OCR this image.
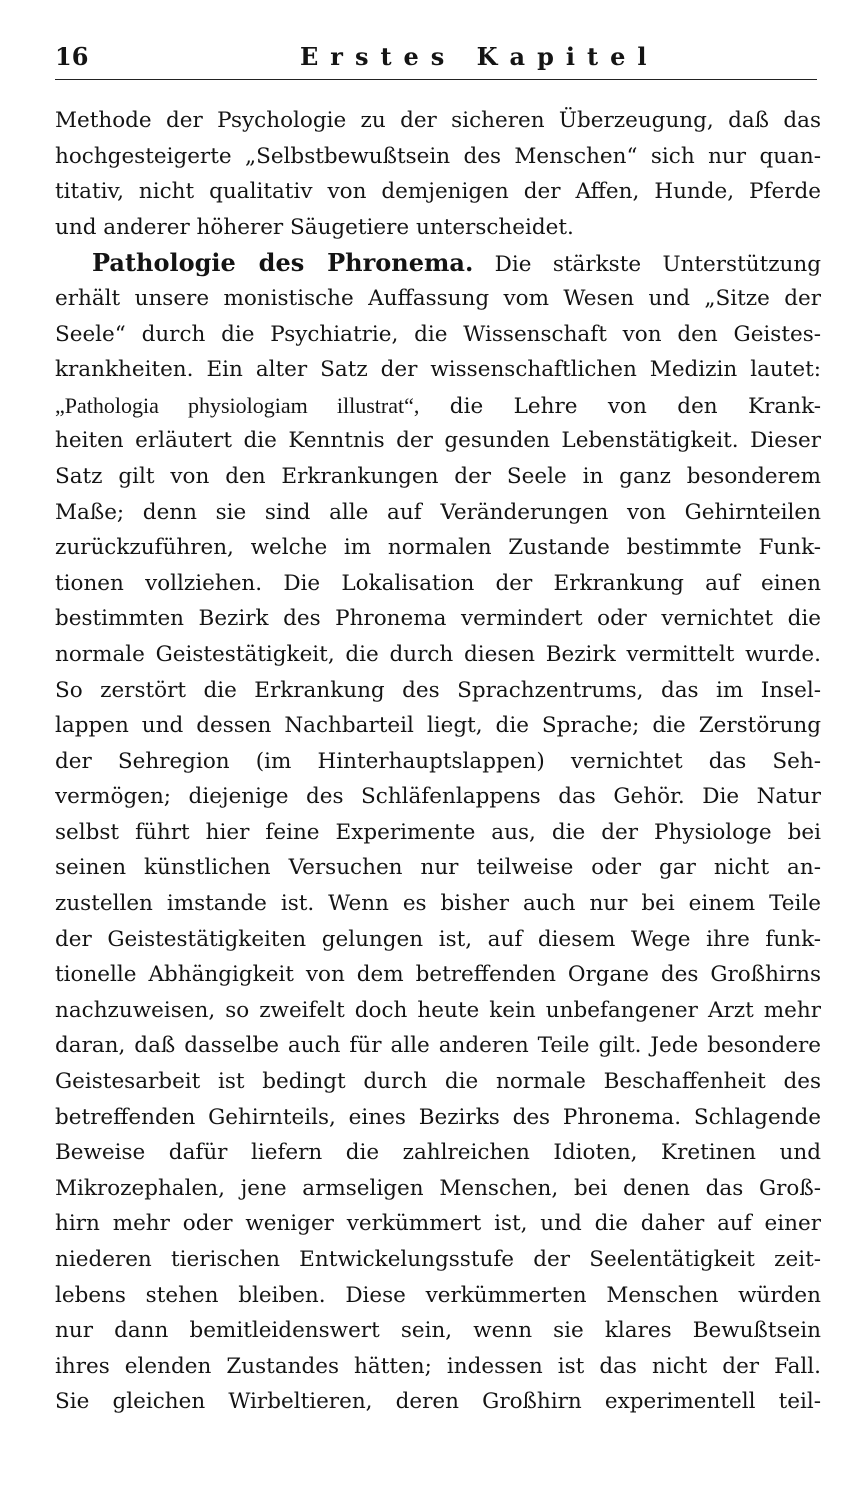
16	Erstes Kapitel
Methode der Psychologie zu der sicheren Überzeugung, daß das
hochgesteigerte „Selbstbewußtsein des Menschen“ sich nur quan-
titativ, nicht qualitativ von demjenigen der Affen, Hunde, Pferde
und anderer höherer Säugetiere unterscheidet.
Pathologie des Phronema. Die stärkste Unterstützung
erhält unsere monistische Auffassung vom Wesen und „Sitze der
Seele“ durch die Psychiatrie, die Wissenschaft von den Geistes-
krankheiten. Ein alter Satz der wissenschaftlichen Medizin lautet:
„Pathologia physiologiam illustrat“, die Lehre von den Krank-
heiten erläutert die Kenntnis der gesunden Lebenstätigkeit. Dieser
Satz gilt von den Erkrankungen der Seele in ganz besonderem
Maße; denn sie sind alle auf Veränderungen von Gehirnteilen
zurückzuführen, welche im normalen Zustande bestimmte Funk-
tionen vollziehen. Die Lokalisation der Erkrankung auf einen
bestimmten Bezirk des Phronema vermindert oder vernichtet die
normale Geistestätigkeit, die durch diesen Bezirk vermittelt wurde.
So zerstört die Erkrankung des Sprachzentrums, das im Insel-
lappen und dessen Nachbarteil liegt, die Sprache; die Zerstörung
der Sehregion (im Hinterhauptslappen) vernichtet das Seh-
vermögen; diejenige des Schläfenlappens das Gehör. Die Natur
selbst führt hier feine Experimente aus, die der Physiologe bei
seinen künstlichen Versuchen nur teilweise oder gar nicht an-
zustellen imstande ist. Wenn es bisher auch nur bei einem Teile
der Geistestätigkeiten gelungen ist, auf diesem Wege ihre funk-
tionelle Abhängigkeit von dem betreffenden Organe des Großhirns
nachzuweisen, so zweifelt doch heute kein unbefangener Arzt mehr
daran, daß dasselbe auch für alle anderen Teile gilt. Jede besondere
Geistesarbeit ist bedingt durch die normale Beschaffenheit des
betreffenden Gehirnteils, eines Bezirks des Phronema. Schlagende
Beweise dafür liefern die zahlreichen Idioten, Kretinen und
Mikrozephalen, jene armseligen Menschen, bei denen das Groß-
hirn mehr oder weniger verkümmert ist, und die daher auf einer
niederen tierischen Entwickelungsstufe der Seelentätigkeit zeit-
lebens stehen bleiben. Diese verkümmerten Menschen würden
nur dann bemitleidenswert sein, wenn sie klares Bewußtsein
ihres elenden Zustandes hätten; indessen ist das nicht der Fall.
Sie gleichen Wirbeltieren, deren Großhirn experimentell teil-
